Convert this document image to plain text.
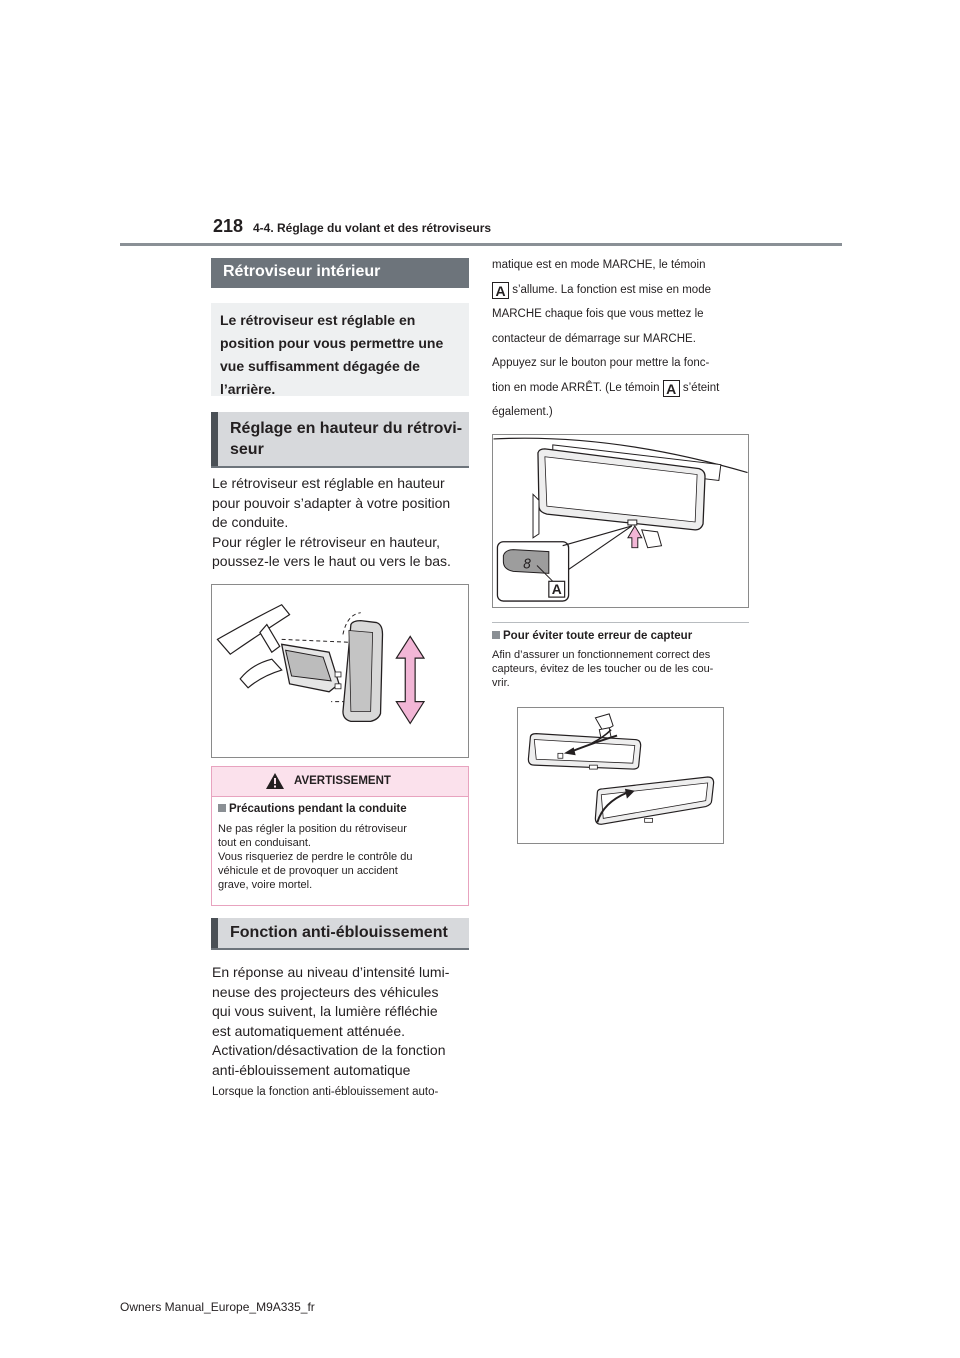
218 4-4. Réglage du volant et des rétroviseurs
Rétroviseur intérieur
Le rétroviseur est réglable en position pour vous permettre une vue suffisamment dégagée de l’arrière.
Réglage en hauteur du rétrovi-
seur
Le rétroviseur est réglable en hauteur
pour pouvoir s’adapter à votre position
de conduite.
Pour régler le rétroviseur en hauteur,
poussez-le vers le haut ou vers le bas.
AVERTISSEMENT
Précautions pendant la conduite
Ne pas régler la position du rétroviseur
tout en conduisant.
Vous risqueriez de perdre le contrôle du
véhicule et de provoquer un accident
grave, voire mortel.
Fonction anti-éblouissement
En réponse au niveau d’intensité lumi-
neuse des projecteurs des véhicules
qui vous suivent, la lumière réfléchie
est automatiquement atténuée.
Activation/désactivation de la fonction
anti-éblouissement automatique
Lorsque la fonction anti-éblouissement auto-
matique est en mode MARCHE, le témoin
A s’allume. La fonction est mise en mode
MARCHE chaque fois que vous mettez le
contacteur de démarrage sur MARCHE.
Appuyez sur le bouton pour mettre la fonc-
tion en mode ARRÊT. (Le témoin A s’éteint
également.)
8
A
Pour éviter toute erreur de capteur
Afin d’assurer un fonctionnement correct des
capteurs, évitez de les toucher ou de les cou-
vrir.
Owners Manual_Europe_M9A335_fr
